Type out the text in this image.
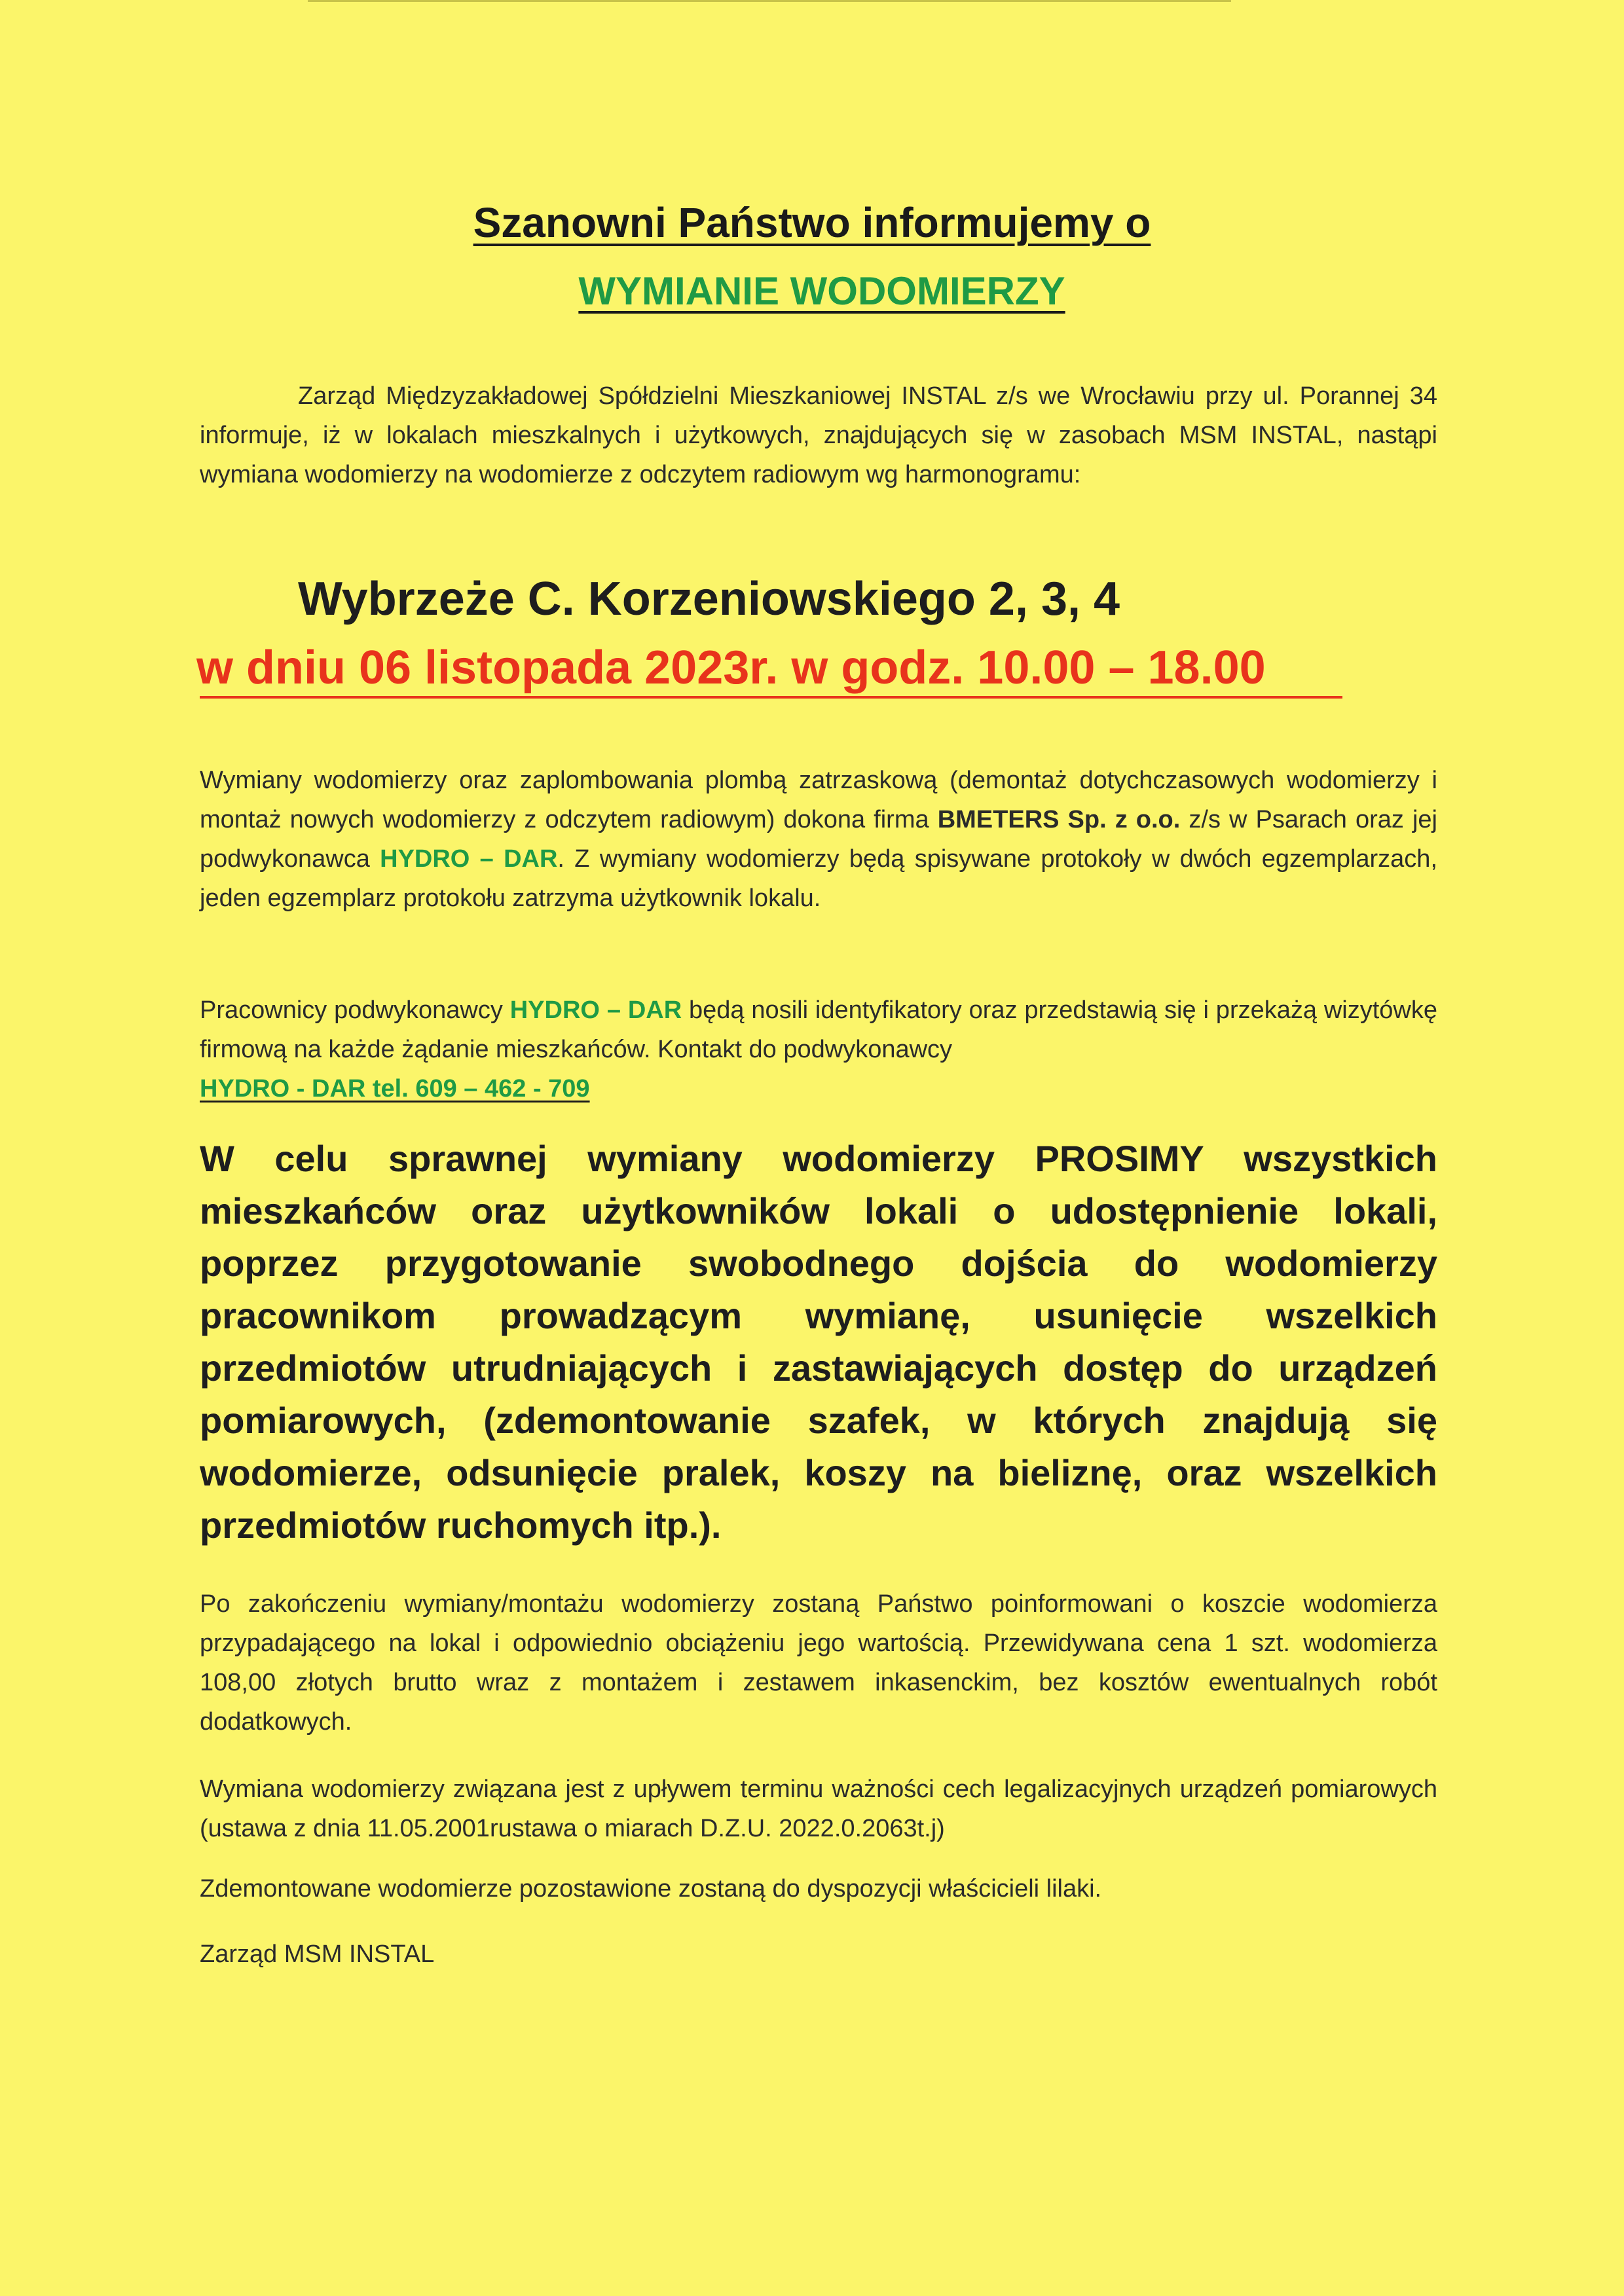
Szanowni Państwo informujemy o
WYMIANIE WODOMIERZY
Zarząd Międzyzakładowej Spółdzielni Mieszkaniowej INSTAL z/s we Wrocławiu przy ul. Porannej 34 informuje, iż w lokalach mieszkalnych i użytkowych, znajdujących się w zasobach MSM INSTAL, nastąpi wymiana wodomierzy na wodomierze z odczytem radiowym wg harmonogramu:
Wybrzeże C. Korzeniowskiego 2, 3, 4
w dniu 06 listopada 2023r. w godz. 10.00 – 18.00
Wymiany wodomierzy oraz zaplombowania plombą zatrzaskową (demontaż dotychczasowych wodomierzy i montaż nowych wodomierzy z odczytem radiowym) dokona firma BMETERS Sp. z o.o. z/s w Psarach oraz jej podwykonawca HYDRO – DAR. Z wymiany wodomierzy będą spisywane protokoły w dwóch egzemplarzach, jeden egzemplarz protokołu zatrzyma użytkownik lokalu.
Pracownicy podwykonawcy HYDRO – DAR będą nosili identyfikatory oraz przedstawią się i przekażą wizytówkę firmową na każde żądanie mieszkańców. Kontakt do podwykonawcy
HYDRO - DAR tel. 609 – 462 - 709
W celu sprawnej wymiany wodomierzy PROSIMY wszystkich mieszkańców oraz użytkowników lokali o udostępnienie lokali, poprzez przygotowanie swobodnego dojścia do wodomierzy pracownikom prowadzącym wymianę, usunięcie wszelkich przedmiotów utrudniających i zastawiających dostęp do urządzeń pomiarowych, (zdemontowanie szafek, w których znajdują się wodomierze, odsunięcie pralek, koszy na bieliznę, oraz wszelkich przedmiotów ruchomych itp.).
Po zakończeniu wymiany/montażu wodomierzy zostaną Państwo poinformowani o koszcie wodomierza przypadającego na lokal i odpowiednio obciążeniu jego wartością. Przewidywana cena 1 szt. wodomierza 108,00 złotych brutto wraz z montażem i zestawem inkasenckim, bez kosztów ewentualnych robót dodatkowych.
Wymiana wodomierzy związana jest z upływem terminu ważności cech legalizacyjnych urządzeń pomiarowych (ustawa z dnia 11.05.2001rustawa o miarach D.Z.U. 2022.0.2063t.j)
Zdemontowane wodomierze pozostawione zostaną do dyspozycji właścicieli lilaki.
Zarząd MSM INSTAL
